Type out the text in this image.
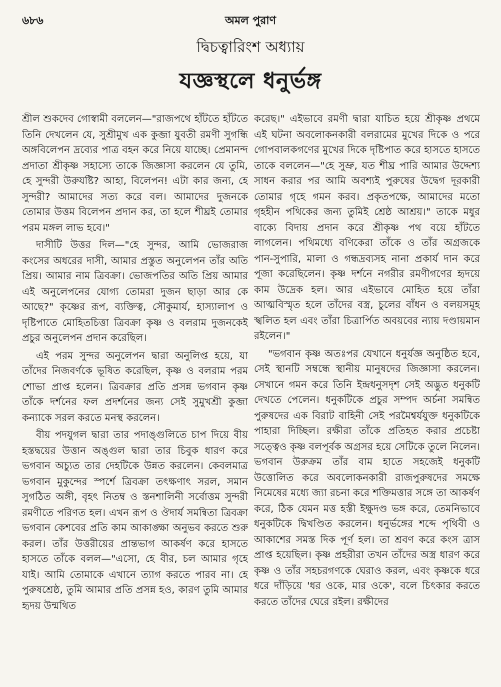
৬৮৬	অমল পুরাণ
দ্বিচত্বারিংশ অধ্যায়
যজ্ঞস্থলে ধনুর্ভঙ্গ

শ্রীল শুকদেব গোস্বামী বললেন—"রাজপথে হাঁটতে হাঁটতে তিনি দেখলেন যে, সুশ্রীমুখ এক কুব্জা যুবতী রমণী সুগন্ধি অঙ্গবিলেপন দ্রব্যের পাত্র বহন করে নিয়ে যাচ্ছে। প্রেমানন্দ প্রদাতা শ্রীকৃষ্ণ সহাস্যে তাকে জিজ্ঞাসা করলেন যে তুমি, হে সুন্দরী উরুযষ্টি? আহা, বিলেপন! এটা কার জন্য, হে সুন্দরী? আমাদের সত্য করে বল। আমাদের দুজনকে তোমার উত্তম বিলেপন প্রদান কর, তা হলে শীঘ্রই তোমার পরম মঙ্গল লাভ হবে।"

দাসীটি উত্তর দিল—"হে সুন্দর, আমি ভোজরাজ কংসের অধরের দাসী, আমার প্রস্তুত অনুলেপন তাঁর অতি প্রিয়। আমার নাম ত্রিবক্রা। ভোজপতির অতি প্রিয় আমার এই অনুলেপনের যোগ্য তোমরা দুজন ছাড়া আর কে আছে?" কৃষ্ণের রূপ, ব্যক্তিত্ব, সৌকুমার্য, হাস্যালাপ ও দৃষ্টিপাতে মোহিতচিত্তা ত্রিবক্রা কৃষ্ণ ও বলরাম দুজনকেই প্রচুর অনুলেপন প্রদান করেছিল।

এই পরম সুন্দর অনুলেপন দ্বারা অনুলিপ্ত হয়ে, যা তাঁদের নিজবর্ণকে ভূষিত করেছিল, কৃষ্ণ ও বলরাম পরম শোভা প্রাপ্ত হলেন। ত্রিবক্রার প্রতি প্রসন্ন ভগবান কৃষ্ণ তাঁকে দর্শনের ফল প্রদর্শনের জন্য সেই সুমুখশ্রী কুব্জা কন্যাকে সরল করতে মনস্থ করলেন।

বীয় পদযুগল দ্বারা তার পদাঙ্গুলিতে চাপ দিয়ে বীয় হস্তদ্বয়ের উত্তান অঙ্গুল দ্বারা তার চিবুক ধারণ করে ভগবান অচ্যুত তার দেহটিকে উন্নত করলেন। কেবলমাত্র ভগবান মুকুন্দের স্পর্শে ত্রিবক্রা তৎক্ষণাৎ সরল, সমান সুগঠিত অঙ্গী, বৃহৎ নিতম্ব ও স্তনশালিনী সর্বোত্তম সুন্দরী রমণীতে পরিণত হল। এখন রূপ ও ঔদার্য সমন্বিতা ত্রিবক্রা ভগবান কেশবের প্রতি কাম আকাঙ্ক্ষা অনুভব করতে শুরু করল। তাঁর উত্তরীয়ের প্রান্তভাগ আকর্ষণ করে হাসতে হাসতে তাঁকে বলল—"এসো, হে বীর, চল আমার গৃহে যাই। আমি তোমাকে এখানে ত্যাগ করতে পারব না। হে পুরুষশ্রেষ্ঠ, তুমি আমার প্রতি প্রসন্ন হও, কারণ তুমি আমার হৃদয় উন্মথিত

করেছ।" এইভাবে রমণী দ্বারা যাচিত হয়ে শ্রীকৃষ্ণ প্রথমে এই ঘটনা অবলোকনকারী বলরামের মুখের দিকে ও পরে গোপবালকগণের মুখের দিকে দৃষ্টিপাত করে হাসতে হাসতে তাকে বললেন—"হে সুভ্রু, যত শীঘ্র পারি আমার উদ্দেশ্য সাধন করার পর আমি অবশ্যই পুরুষের উদ্বেগ দূরকারী তোমার গৃহে গমন করব। প্রকৃতপক্ষে, আমাদের মতো গৃহহীন পথিকের জন্য তুমিই শ্রেষ্ঠ আশ্রয়।" তাকে মধুর বাক্যে বিদায় প্রদান করে শ্রীকৃষ্ণ পথ বয়ে হাঁটতে লাগলেন। পথিমধ্যে বণিকেরা তাঁকে ও তাঁর অগ্রজকে পান-সুপারি, মালা ও গন্ধদ্রব্যসহ নানা প্রকার্য দান করে পূজা করেছিলেন। কৃষ্ণ দর্শনে নগরীর রমণীগণের হৃদয়ে কাম উদ্রেক হল। আর এইভাবে মোহিত হয়ে তাঁরা আত্মবিস্মৃত হলে তাঁদের বস্ত্র, চুলের বাঁধন ও বলয়সমূহ স্খলিত হল এবং তাঁরা চিত্রার্পিত অবয়বের ন্যায় দণ্ডায়মান রইলেন।"

"ভগবান কৃষ্ণ অতঃপর যেখানে ধনুর্যজ্ঞ অনুষ্ঠিত হবে, সেই স্থানটি সম্বন্ধে স্থানীয় মানুষদের জিজ্ঞাসা করলেন। সেখানে গমন করে তিনি ইন্দ্রধনুসদৃশ সেই অদ্ভুত ধনুকটি দেখতে পেলেন। ধনুকটিকে প্রচুর সম্পদ অর্চনা সমন্বিত পুরুষদের এক বিরাট বাহিনী সেই পরমৈশ্বর্যযুক্ত ধনুকটিকে পাহারা দিচ্ছিল। রক্ষীরা তাঁকে প্রতিহত করার প্রচেষ্টা সত্ত্বেও কৃষ্ণ বলপূর্বক অগ্রসর হয়ে সেটিকে তুলে নিলেন। ভগবান উরুক্রম তাঁর বাম হাতে সহজেই ধনুকটি উত্তোলিত করে অবলোকনকারী রাজপুরুষদের সমক্ষে নিমেষের মধ্যে জ্যা রচনা করে শক্তিমত্তার সঙ্গে তা আকর্ষণ করে, ঠিক যেমন মত্ত হস্তী ইক্ষুদণ্ড ভঙ্গ করে, তেমনিভাবে ধনুকটিকে দ্বিখণ্ডিত করলেন। ধনুর্ভঙ্গের শব্দে পৃথিবী ও আকাশের সমস্ত দিক পূর্ণ হল। তা শ্রবণ করে কংস ত্রাস প্রাপ্ত হয়েছিল। কৃষ্ণ প্রহরীরা তখন তাঁদের অস্ত্র ধারণ করে কৃষ্ণ ও তাঁর সহচরগণকে ঘেরাও করল, এবং কৃষ্ণকে ধরে ধরে দাঁড়িয়ে 'ধর ওকে, মার ওকে', বলে চিৎকার করতে করতে তাঁদের ঘেরে রইল। রক্ষীদের
